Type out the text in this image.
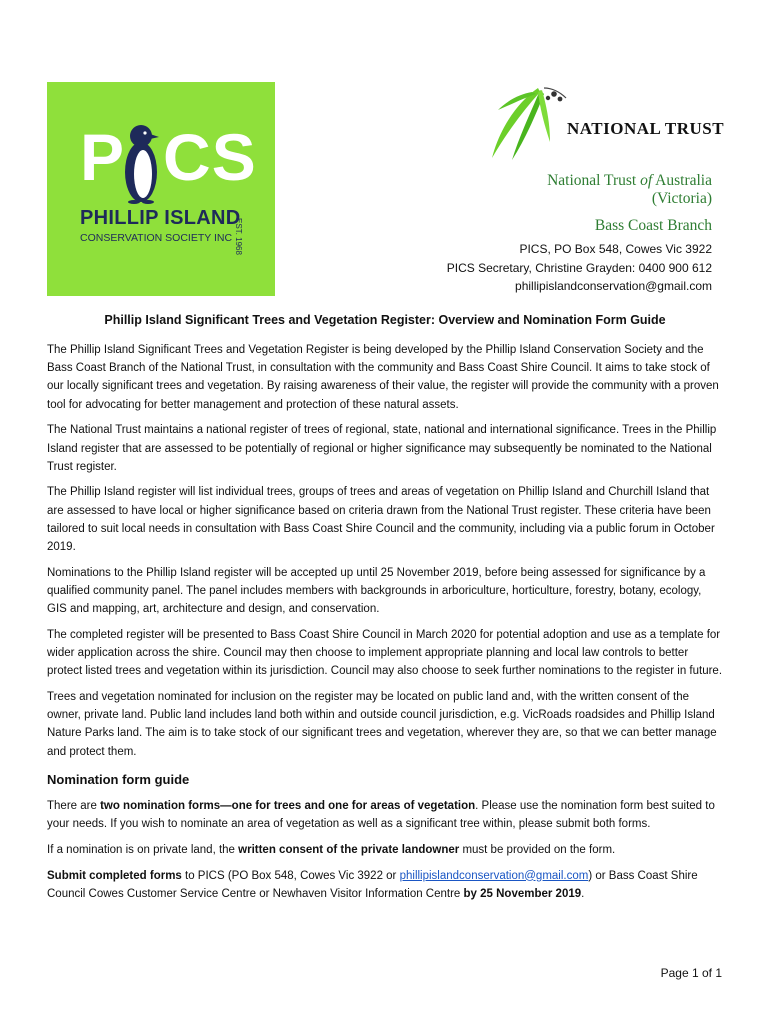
P CS
PHILLIP ISLAND
CONSERVATION SOCIETY INC EST. 1968
NATIONAL TRUST
National Trust of Australia
(Victoria)
Bass Coast Branch
PICS, PO Box 548, Cowes Vic 3922
PICS Secretary, Christine Grayden: 0400 900 612
phillipislandconservation@gmail.com
Phillip Island Significant Trees and Vegetation Register: Overview and Nomination Form Guide

The Phillip Island Significant Trees and Vegetation Register is being developed by the Phillip Island Conservation Society and the Bass Coast Branch of the National Trust, in consultation with the community and Bass Coast Shire Council. It aims to take stock of our locally significant trees and vegetation. By raising awareness of their value, the register will provide the community with a proven tool for advocating for better management and protection of these natural assets.

The National Trust maintains a national register of trees of regional, state, national and international significance. Trees in the Phillip Island register that are assessed to be potentially of regional or higher significance may subsequently be nominated to the National Trust register.

The Phillip Island register will list individual trees, groups of trees and areas of vegetation on Phillip Island and Churchill Island that are assessed to have local or higher significance based on criteria drawn from the National Trust register. These criteria have been tailored to suit local needs in consultation with Bass Coast Shire Council and the community, including via a public forum in October 2019.

Nominations to the Phillip Island register will be accepted up until 25 November 2019, before being assessed for significance by a qualified community panel. The panel includes members with backgrounds in arboriculture, horticulture, forestry, botany, ecology, GIS and mapping, art, architecture and design, and conservation.

The completed register will be presented to Bass Coast Shire Council in March 2020 for potential adoption and use as a template for wider application across the shire. Council may then choose to implement appropriate planning and local law controls to better protect listed trees and vegetation within its jurisdiction. Council may also choose to seek further nominations to the register in future.

Trees and vegetation nominated for inclusion on the register may be located on public land and, with the written consent of the owner, private land. Public land includes land both within and outside council jurisdiction, e.g. VicRoads roadsides and Phillip Island Nature Parks land. The aim is to take stock of our significant trees and vegetation, wherever they are, so that we can better manage and protect them.

Nomination form guide

There are two nomination forms—one for trees and one for areas of vegetation. Please use the nomination form best suited to your needs. If you wish to nominate an area of vegetation as well as a significant tree within, please submit both forms.

If a nomination is on private land, the written consent of the private landowner must be provided on the form.

Submit completed forms to PICS (PO Box 548, Cowes Vic 3922 or phillipislandconservation@gmail.com) or Bass Coast Shire Council Cowes Customer Service Centre or Newhaven Visitor Information Centre by 25 November 2019.

Page 1 of 1
